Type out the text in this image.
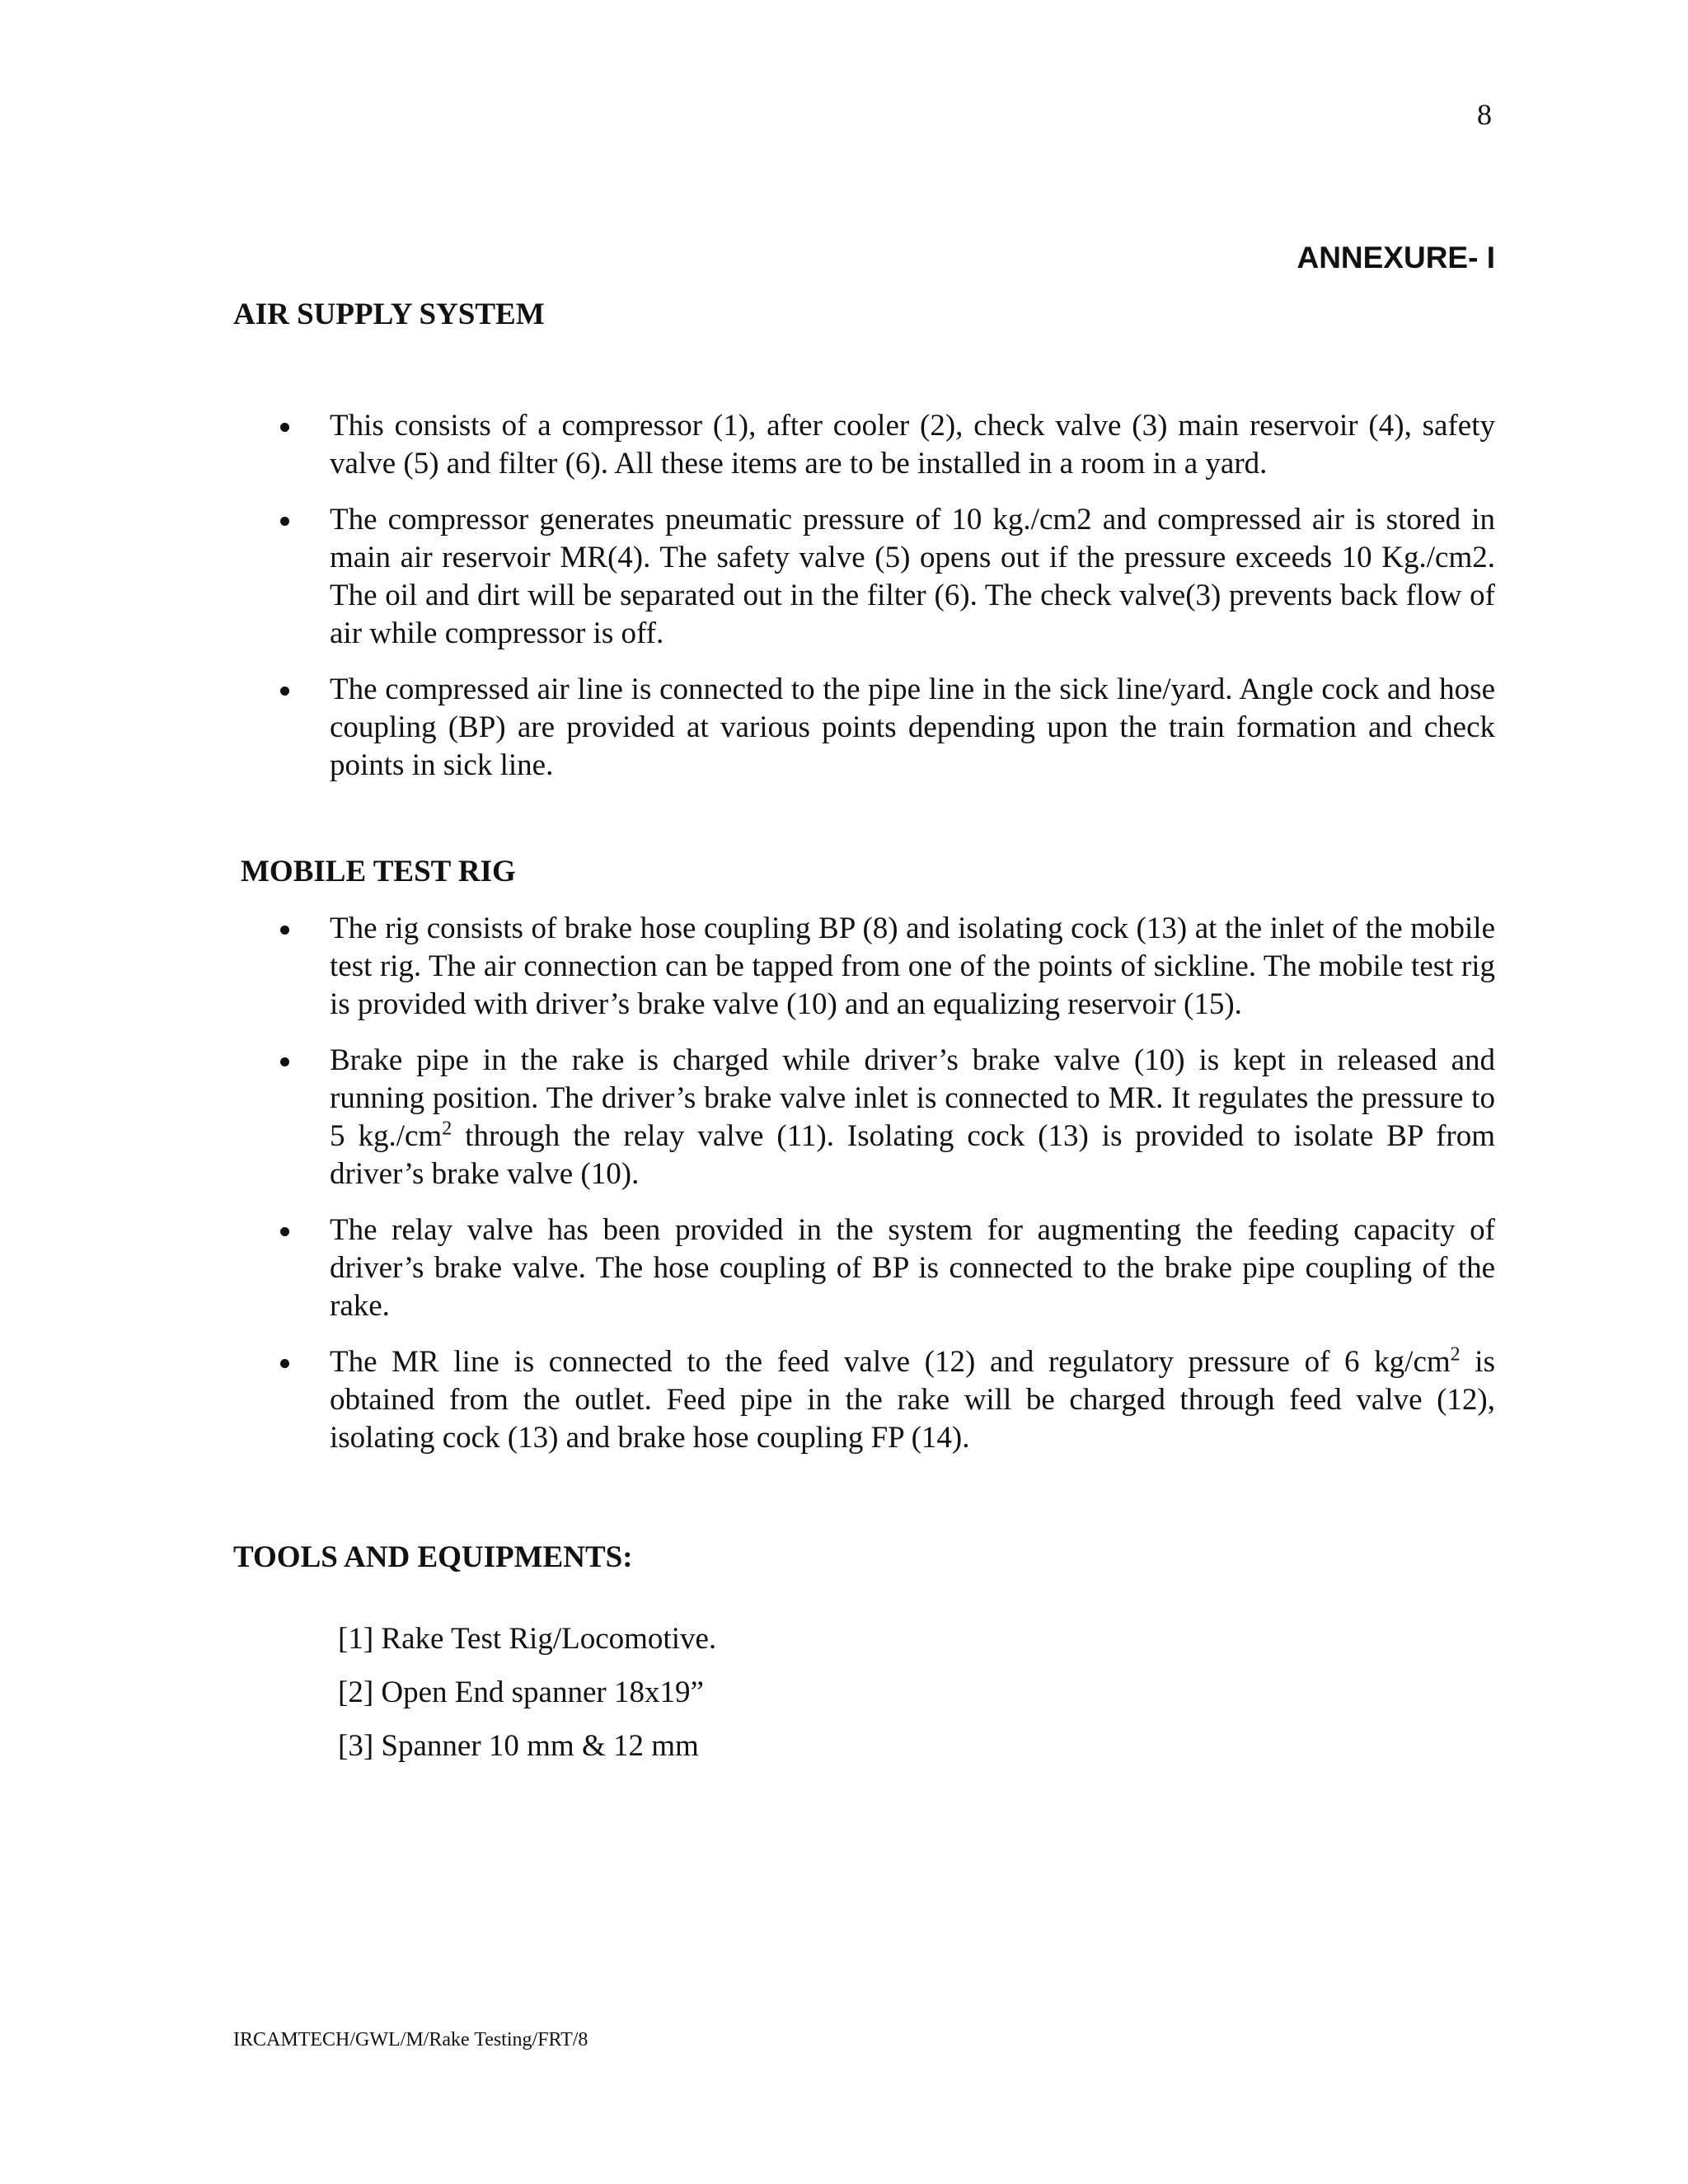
8
ANNEXURE- I
AIR SUPPLY SYSTEM
This consists of a compressor (1), after cooler (2), check valve (3) main reservoir (4), safety valve (5) and filter (6). All these items are to be installed in a room in a yard.
The compressor generates pneumatic pressure of 10 kg./cm2 and compressed air is stored in main air reservoir MR(4). The safety valve (5) opens out if the pressure exceeds 10 Kg./cm2. The oil and dirt will be separated out in the filter (6). The check valve(3) prevents back flow of air while compressor is off.
The compressed air line is connected to the pipe line in the sick line/yard. Angle cock and hose coupling (BP) are provided at various points depending upon the train formation and check points in sick line.
MOBILE TEST RIG
The rig consists of brake hose coupling BP (8) and isolating cock (13) at the inlet of the mobile test rig. The air connection can be tapped from one of the points of sickline. The mobile test rig is provided with driver’s brake valve (10) and an equalizing reservoir (15).
Brake pipe in the rake is charged while driver’s brake valve (10) is kept in released and running position. The driver’s brake valve inlet is connected to MR. It regulates the pressure to 5 $kg./cm^2$ through the relay valve (11). Isolating cock (13) is provided to isolate BP from driver’s brake valve (10).
The relay valve has been provided in the system for augmenting the feeding capacity of driver’s brake valve. The hose coupling of BP is connected to the brake pipe coupling of the rake.
The MR line is connected to the feed valve (12) and regulatory pressure of 6 $kg/cm^2$ is obtained from the outlet. Feed pipe in the rake will be charged through feed valve (12), isolating cock (13) and brake hose coupling FP (14).
TOOLS AND EQUIPMENTS:
[1] Rake Test Rig/Locomotive.
[2] Open End spanner 18x19”
[3] Spanner 10 mm & 12 mm
IRCAMTECH/GWL/M/Rake Testing/FRT/8
